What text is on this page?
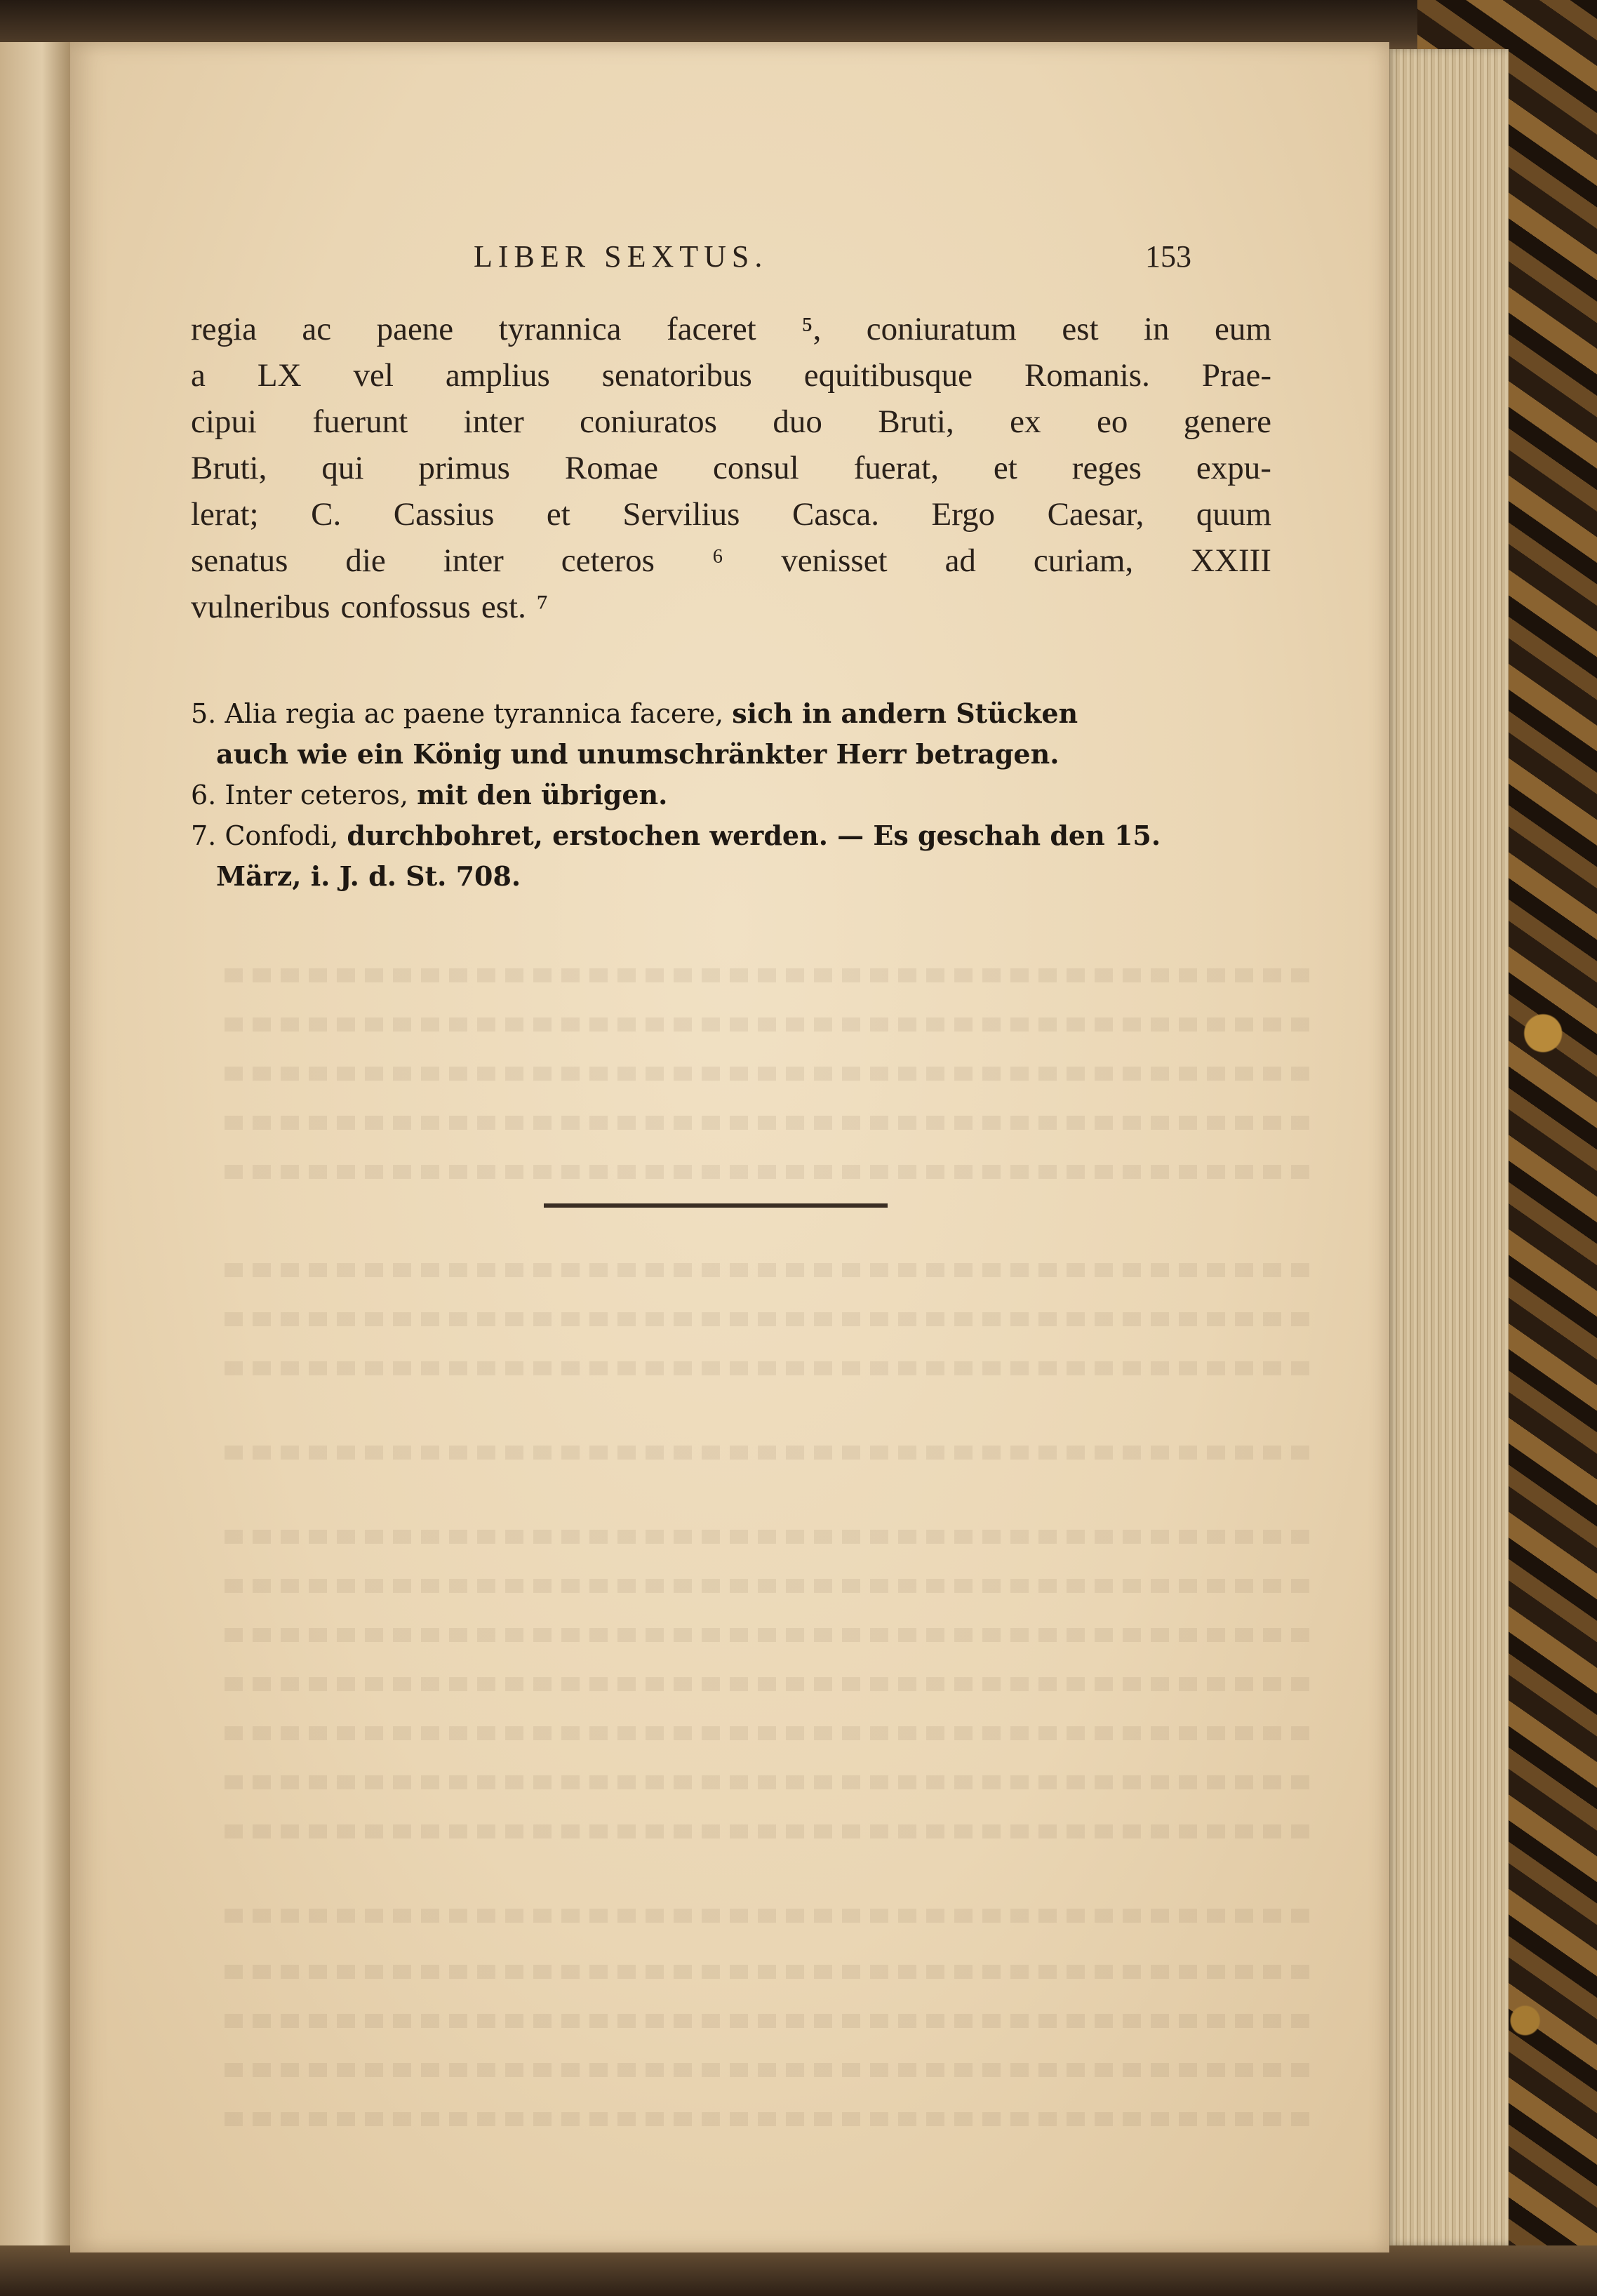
LIBER SEXTUS.	153
regia ac paene tyrannica faceret ⁵, coniuratum est in eum
a LX vel amplius senatoribus equitibusque Romanis. Prae-
cipui fuerunt inter coniuratos duo Bruti, ex eo genere
Bruti, qui primus Romae consul fuerat, et reges expu-
lerat; C. Cassius et Servilius Casca. Ergo Caesar, quum
senatus die inter ceteros ⁶ venisset ad curiam, XXIII
vulneribus confossus est. ⁷
5. Alia regia ac paene tyrannica facere, sich in andern Stücken
auch wie ein König und unumschränkter Herr betragen.
6. Inter ceteros, mit den übrigen.
7. Confodi, durchbohret, erstochen werden. — Es geschah den 15.
März, i. J. d. St. 708.
